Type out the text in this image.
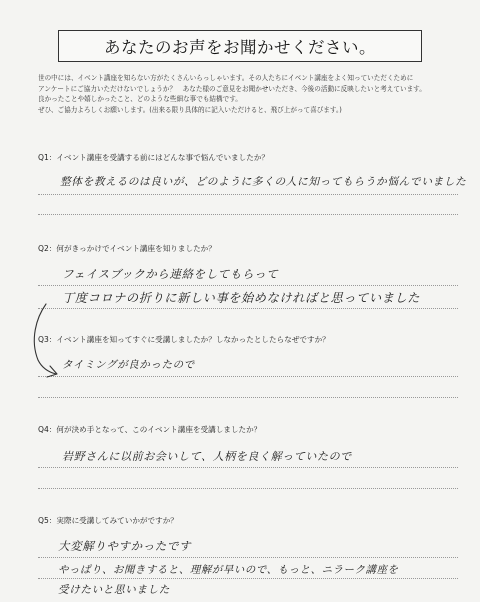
あなたのお声をお聞かせください。
世の中には、イベント講座を知らない方がたくさんいらっしゃいます。その人たちにイベント講座をよく知っていただくために
アンケートにご協力いただけないでしょうか？　あなた様のご意見をお聞かせいただき、今後の活動に反映したいと考えています。
良かったことや嬉しかったこと、どのような些細な事でも結構です。
ぜひ、ご協力よろしくお願いします。(出来る限り具体的に記入いただけると、飛び上がって喜びます。)
Q1：イベント講座を受講する前にはどんな事で悩んでいましたか？
整体を教えるのは良いが、どのように多くの人に知ってもらうか悩んでいました
Q2：何がきっかけでイベント講座を知りましたか？
フェイスブックから連絡をしてもらって
丁度コロナの折りに新しい事を始めなければと思っていました
Q3：イベント講座を知ってすぐに受講しましたか？しなかったとしたらなぜですか？
タイミングが良かったので
Q4：何が決め手となって、このイベント講座を受講しましたか？
岩野さんに以前お会いして、人柄を良く解っていたので
Q5：実際に受講してみていかがですか？
大変解りやすかったです
やっぱり、お聞きすると、理解が早いので、もっと、ニラーク講座を
受けたいと思いました
